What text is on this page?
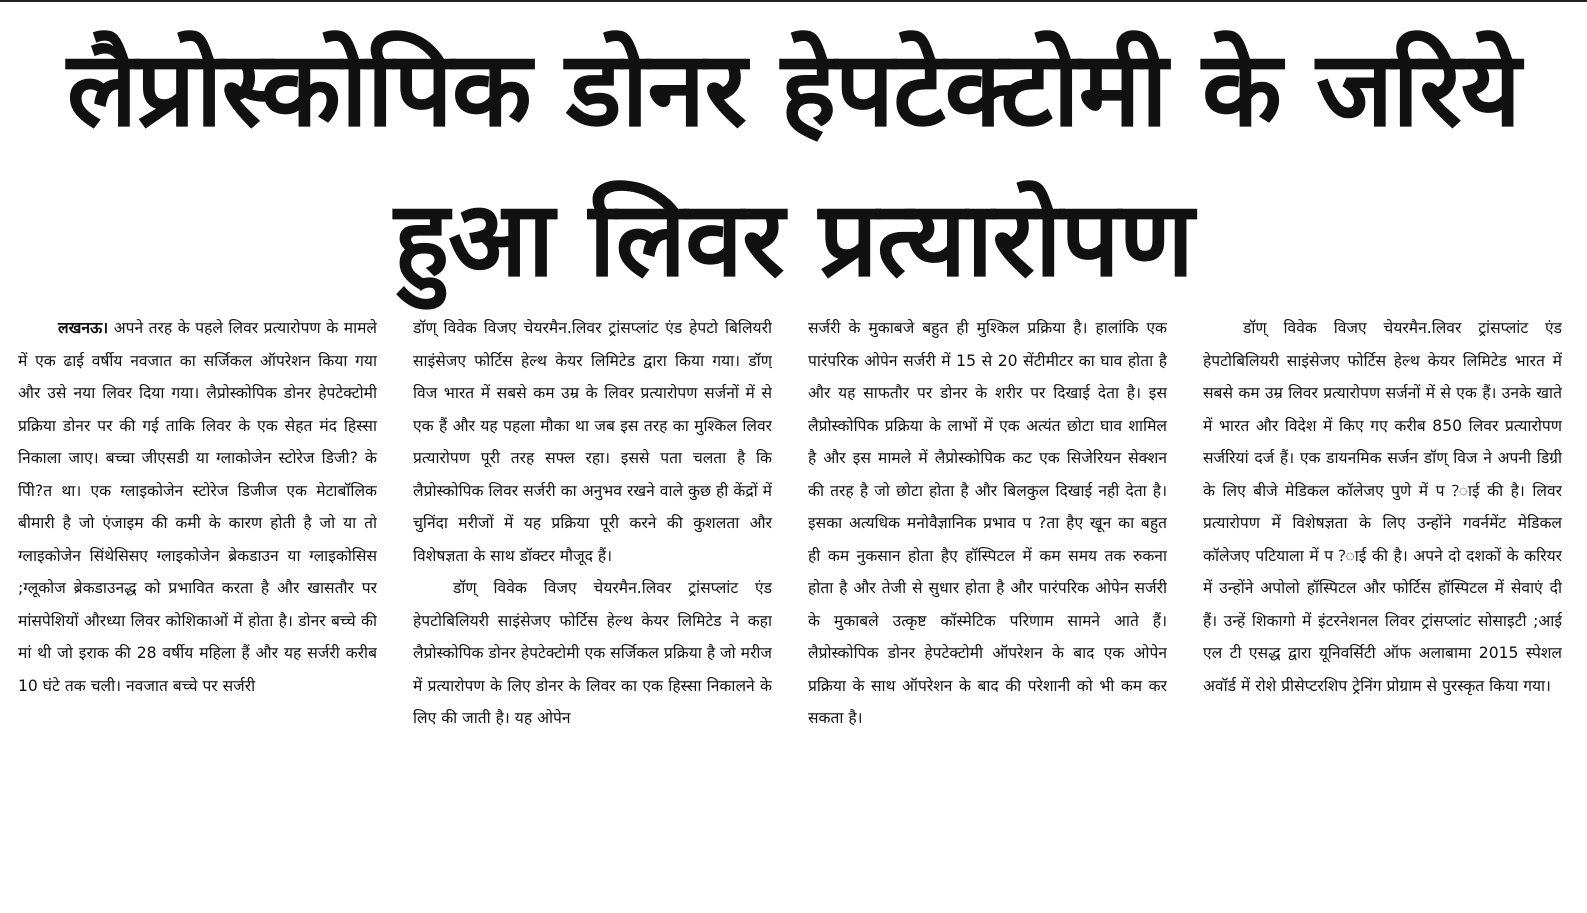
लैप्रोस्कोपिक डोनर हेपटेक्टोमी के जरिये
हुआ लिवर प्रत्यारोपण

लखनऊ। अपने तरह के पहले लिवर प्रत्यारोपण के मामले में एक ढाई वर्षीय नवजात का सर्जिकल ऑपरेशन किया गया और उसे नया लिवर दिया गया। लैप्रोस्कोपिक डोनर हेपटेक्टोमी प्रक्रिया डोनर पर की गई ताकि लिवर के एक सेहत मंद हिस्सा निकाला जाए। बच्चा जीएसडी या ग्लाकोजेन स्टोरेज डिजी? के पीि?त था। एक ग्लाइकोजेन स्टोरेज डिजीज एक मेटाबॉलिक बीमारी है जो एंजाइम की कमी के कारण होती है जो या तो ग्लाइकोजेन सिंथेसिसए ग्लाइकोजेन ब्रेकडाउन या ग्लाइकोसिस ;ग्लूकोज ब्रेकडाउनद्ध को प्रभावित करता है और खासतौर पर मांसपेशियों औरध्या लिवर कोशिकाओं में होता है। डोनर बच्चे की मां थी जो इराक की 28 वर्षीय महिला हैं और यह सर्जरी करीब 10 घंटे तक चली। नवजात बच्चे पर सर्जरी

डॉण् विवेक विजए चेयरमैन.लिवर ट्रांसप्लांट एंड हेपटो बिलियरी साइंसेजए फोर्टिस हेल्थ केयर लिमिटेड द्वारा किया गया। डॉण् विज भारत में सबसे कम उम्र के लिवर प्रत्यारोपण सर्जनों में से एक हैं और यह पहला मौका था जब इस तरह का मुश्किल लिवर प्रत्यारोपण पूरी तरह सफ्ल रहा। इससे पता चलता है कि लैप्रोस्कोपिक लिवर सर्जरी का अनुभव रखने वाले कुछ ही केंद्रों में चुनिंदा मरीजों में यह प्रक्रिया पूरी करने की कुशलता और विशेषज्ञता के साथ डॉक्टर मौजूद हैं।

डॉण् विवेक विजए चेयरमैन.लिवर ट्रांसप्लांट एंड हेपटोबिलियरी साइंसेजए फोर्टिस हेल्थ केयर लिमिटेड ने कहा लैप्रोस्कोपिक डोनर हेपटेक्टोमी एक सर्जिकल प्रक्रिया है जो मरीज में प्रत्यारोपण के लिए डोनर के लिवर का एक हिस्सा निकालने के लिए की जाती है। यह ओपेन

सर्जरी के मुकाबजे बहुत ही मुश्किल प्रक्रिया है। हालांकि एक पारंपरिक ओपेन सर्जरी में 15 से 20 सेंटीमीटर का घाव होता है और यह साफतौर पर डोनर के शरीर पर दिखाई देता है। इस लैप्रोस्कोपिक प्रक्रिया के लाभों में एक अत्यंत छोटा घाव शामिल है और इस मामले में लैप्रोस्कोपिक कट एक सिजेरियन सेक्शन की तरह है जो छोटा होता है और बिलकुल दिखाई नही देता है। इसका अत्यधिक मनोवैज्ञानिक प्रभाव प ?ता हैए खून का बहुत ही कम नुकसान होता हैए हॉस्पिटल में कम समय तक रुकना होता है और तेजी से सुधार होता है और पारंपरिक ओपेन सर्जरी के मुकाबले उत्कृष्ट कॉस्मेटिक परिणाम सामने आते हैं। लैप्रोस्कोपिक डोनर हेपटेक्टोमी ऑपरेशन के बाद एक ओपेन प्रक्रिया के साथ ऑपरेशन के बाद की परेशानी को भी कम कर सकता है।

डॉण् विवेक विजए चेयरमैन.लिवर ट्रांसप्लांट एंड हेपटोबिलियरी साइंसेजए फोर्टिस हेल्थ केयर लिमिटेड भारत में सबसे कम उम्र लिवर प्रत्यारोपण सर्जनों में से एक हैं। उनके खाते में भारत और विदेश में किए गए करीब 850 लिवर प्रत्यारोपण सर्जरियां दर्ज हैं। एक डायनमिक सर्जन डॉण् विज ने अपनी डिग्री के लिए बीजे मेडिकल कॉलेजए पुणे में प ?ाई की है। लिवर प्रत्यारोपण में विशेषज्ञता के लिए उन्होंने गवर्नमेंट मेडिकल कॉलेजए पटियाला में प ?ाई की है। अपने दो दशकों के करियर में उन्होंने अपोलो हॉस्पिटल और फोर्टिस हॉस्पिटल में सेवाएं दी हैं। उन्हें शिकागो में इंटरनेशनल लिवर ट्रांसप्लांट सोसाइटी ;आई एल टी एसद्ध द्वारा यूनिवर्सिटी ऑफ अलाबामा 2015 स्पेशल अवॉर्ड में रोशे प्रीसेप्टरशिप ट्रेनिंग प्रोग्राम से पुरस्कृत किया गया।
